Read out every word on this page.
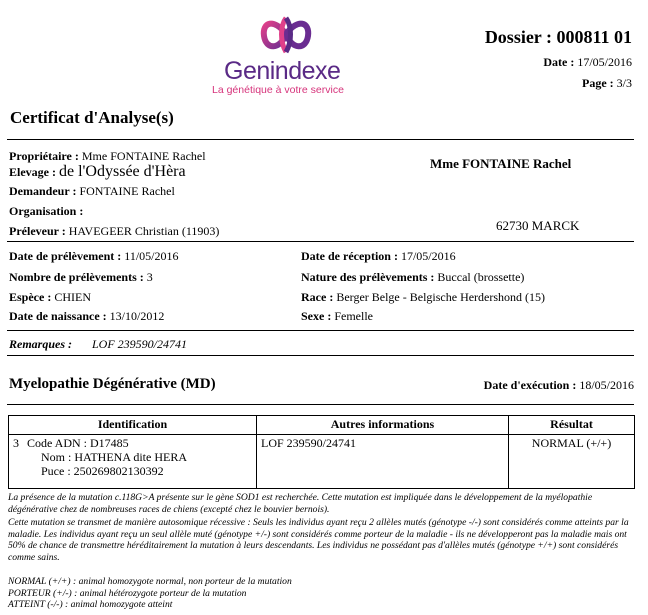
Genindexe
La génétique à votre service
Dossier : 000811 01
Date : 17/05/2016
Page : 3/3
Certificat d'Analyse(s)
Propriétaire : Mme FONTAINE Rachel
Elevage : de l'Odyssée d'Hèra
Demandeur : FONTAINE Rachel
Organisation :
Préleveur : HAVEGEER Christian (11903)
Mme FONTAINE Rachel
62730 MARCK
Date de prélèvement : 11/05/2016
Nombre de prélèvements : 3
Espèce : CHIEN
Date de naissance : 13/10/2012
Date de réception : 17/05/2016
Nature des prélèvements : Buccal (brossette)
Race : Berger Belge - Belgische Herdershond (15)
Sexe : Femelle
Remarques : LOF 239590/24741
Myelopathie Dégénérative (MD)	Date d'exécution : 18/05/2016
Identification	Autres informations	Résultat
3 Code ADN : D17485
Nom : HATHENA dite HERA
Puce : 250269802130392	LOF 239590/24741	NORMAL (+/+)
La présence de la mutation c.118G>A présente sur le gène SOD1 est recherchée. Cette mutation est impliquée dans le développement de la myélopathie dégénérative chez de nombreuses races de chiens (excepté chez le bouvier bernois).
Cette mutation se transmet de manière autosomique récessive : Seuls les individus ayant reçu 2 allèles mutés (génotype -/-) sont considérés comme atteints par la maladie. Les individus ayant reçu un seul allèle muté (génotype +/-) sont considérés comme porteur de la maladie - ils ne développeront pas la maladie mais ont 50% de chance de transmettre héréditairement la mutation à leurs descendants. Les individus ne possédant pas d'allèles mutés (génotype +/+) sont considérés comme sains.
NORMAL (+/+) : animal homozygote normal, non porteur de la mutation
PORTEUR (+/-) : animal hétérozygote porteur de la mutation
ATTEINT (-/-) : animal homozygote atteint
